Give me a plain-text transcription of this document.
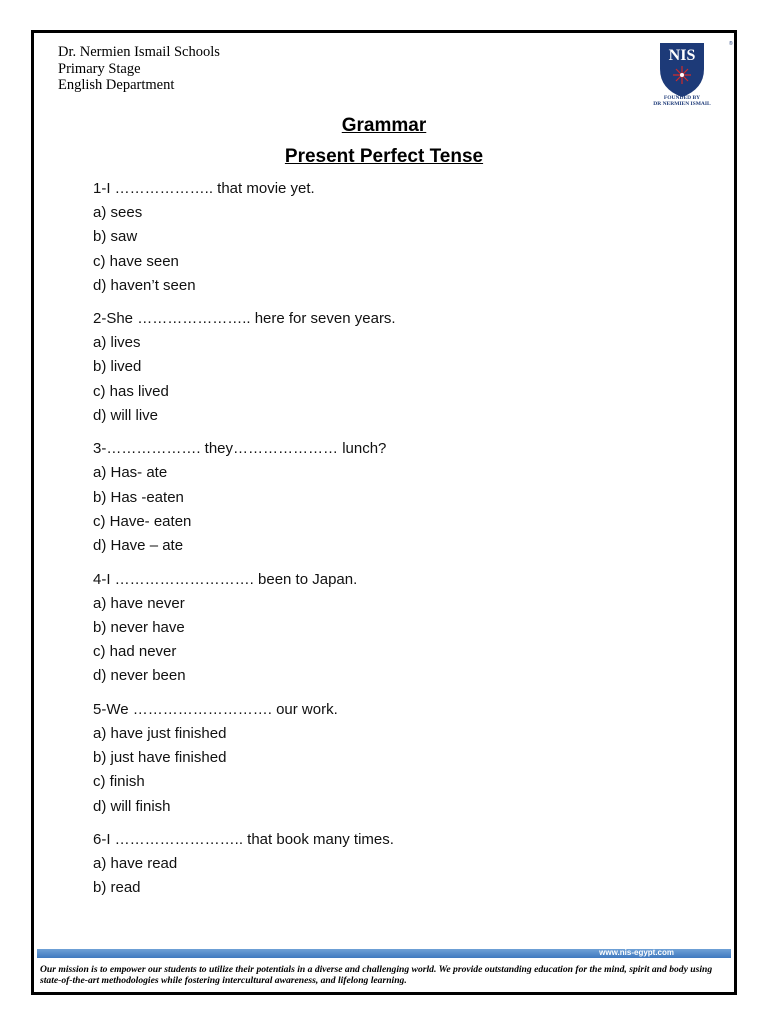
Dr. Nermien Ismail Schools
Primary Stage
English Department
NIS
®
FOUNDED BY
DR NERMIEN ISMAIL
Grammar
Present Perfect Tense
1-I ……………….. that movie yet.
a) sees
b) saw
c) have seen
d) haven’t seen
2-She ………………….. here for seven years.
a) lives
b) lived
c) has lived
d) will live
3-………………. they………………… lunch?
a) Has- ate
b) Has -eaten
c) Have- eaten
d) Have – ate
4-I ………………………. been to Japan.
a) have never
b) never have
c) had never
d) never been
5-We ………………………. our work.
a) have just finished
b) just have finished
c) finish
d) will finish
6-I …………………….. that book many times.
a) have read
b) read
www.nis-egypt.com
Our mission is to empower our students to utilize their potentials in a diverse and challenging world. We provide outstanding education for the mind, spirit and body using state-of-the-art methodologies while fostering intercultural awareness, and lifelong learning.
